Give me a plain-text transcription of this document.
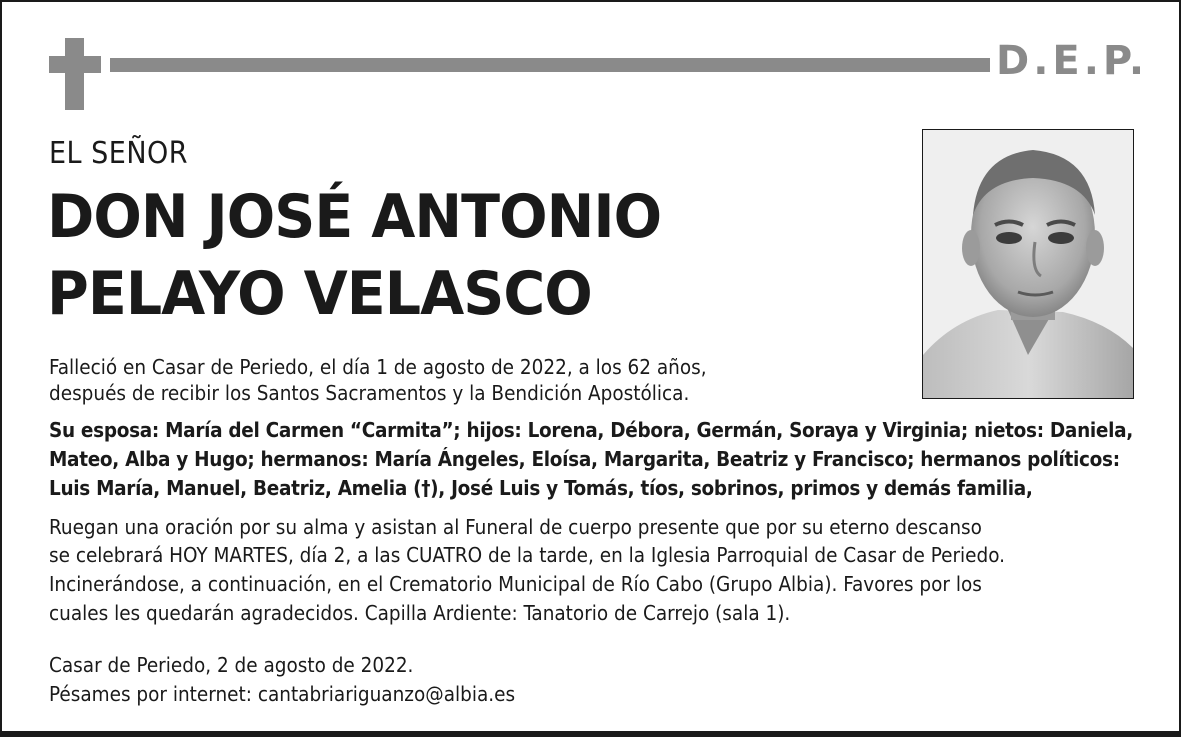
D.E.P.
EL SEÑOR
DON JOSÉ ANTONIO
PELAYO VELASCO
Falleció en Casar de Periedo, el día 1 de agosto de 2022, a los 62 años,
después de recibir los Santos Sacramentos y la Bendición Apostólica.
Su esposa: María del Carmen “Carmita”; hijos: Lorena, Débora, Germán, Soraya y Virginia; nietos: Daniela,
Mateo, Alba y Hugo; hermanos: María Ángeles, Eloísa, Margarita, Beatriz y Francisco; hermanos políticos:
Luis María, Manuel, Beatriz, Amelia (†), José Luis y Tomás, tíos, sobrinos, primos y demás familia,
Ruegan una oración por su alma y asistan al Funeral de cuerpo presente que por su eterno descanso
se celebrará HOY MARTES, día 2, a las CUATRO de la tarde, en la Iglesia Parroquial de Casar de Periedo.
Incinerándose, a continuación, en el Crematorio Municipal de Río Cabo (Grupo Albia). Favores por los
cuales les quedarán agradecidos. Capilla Ardiente: Tanatorio de Carrejo (sala 1).
Casar de Periedo, 2 de agosto de 2022.
Pésames por internet: cantabriariguanzo@albia.es
